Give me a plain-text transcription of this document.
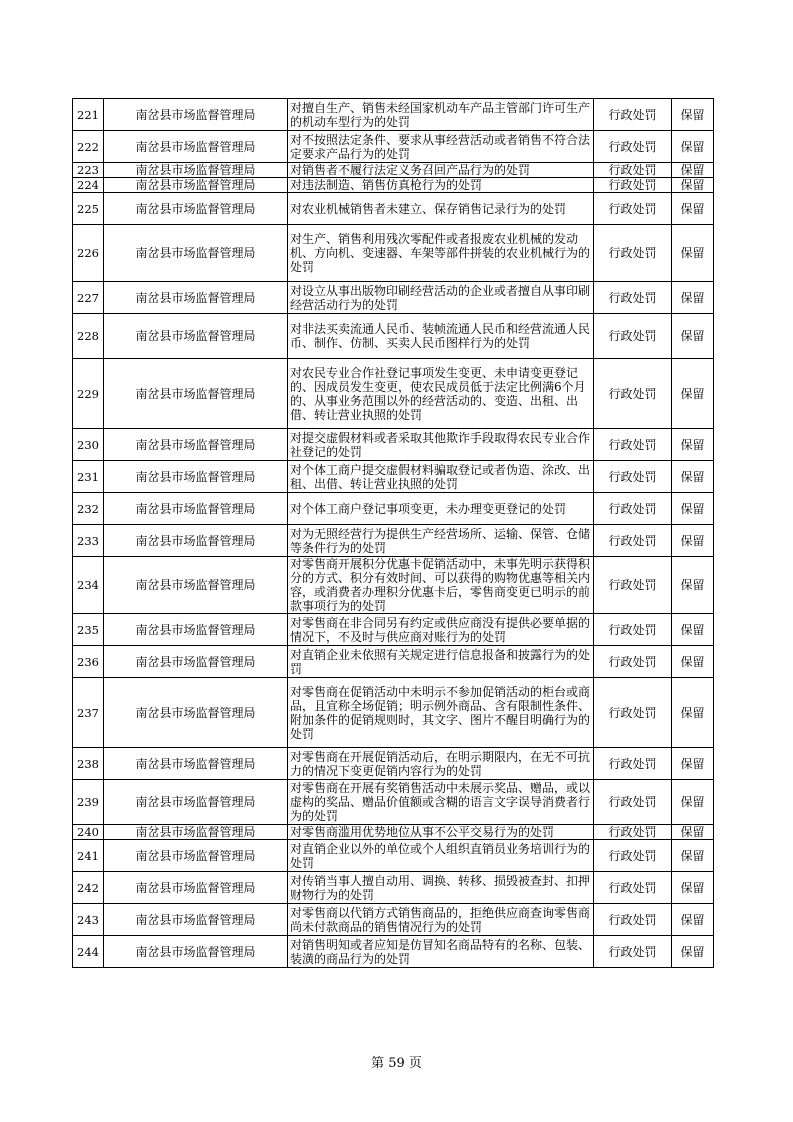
221	南岔县市场监督管理局	对擅自生产、销售未经国家机动车产品主管部门许可生产的机动车型行为的处罚	行政处罚	保留
222	南岔县市场监督管理局	对不按照法定条件、要求从事经营活动或者销售不符合法定要求产品行为的处罚	行政处罚	保留
223	南岔县市场监督管理局	对销售者不履行法定义务召回产品行为的处罚	行政处罚	保留
224	南岔县市场监督管理局	对违法制造、销售仿真枪行为的处罚	行政处罚	保留
225	南岔县市场监督管理局	对农业机械销售者未建立、保存销售记录行为的处罚	行政处罚	保留
226	南岔县市场监督管理局	对生产、销售利用残次零配件或者报废农业机械的发动机、方向机、变速器、车架等部件拼装的农业机械行为的处罚	行政处罚	保留
227	南岔县市场监督管理局	对设立从事出版物印刷经营活动的企业或者擅自从事印刷经营活动行为的处罚	行政处罚	保留
228	南岔县市场监督管理局	对非法买卖流通人民币、装帧流通人民币和经营流通人民币、制作、仿制、买卖人民币图样行为的处罚	行政处罚	保留
229	南岔县市场监督管理局	对农民专业合作社登记事项发生变更、未申请变更登记的、因成员发生变更，使农民成员低于法定比例满6个月的、从事业务范围以外的经营活动的、变造、出租、出借、转让营业执照的处罚	行政处罚	保留
230	南岔县市场监督管理局	对提交虚假材料或者采取其他欺诈手段取得农民专业合作社登记的处罚	行政处罚	保留
231	南岔县市场监督管理局	对个体工商户提交虚假材料骗取登记或者伪造、涂改、出租、出借、转让营业执照的处罚	行政处罚	保留
232	南岔县市场监督管理局	对个体工商户登记事项变更，未办理变更登记的处罚	行政处罚	保留
233	南岔县市场监督管理局	对为无照经营行为提供生产经营场所、运输、保管、仓储等条件行为的处罚	行政处罚	保留
234	南岔县市场监督管理局	对零售商开展积分优惠卡促销活动中，未事先明示获得积分的方式、积分有效时间、可以获得的购物优惠等相关内容，或消费者办理积分优惠卡后，零售商变更已明示的前款事项行为的处罚	行政处罚	保留
235	南岔县市场监督管理局	对零售商在非合同另有约定或供应商没有提供必要单据的情况下，不及时与供应商对账行为的处罚	行政处罚	保留
236	南岔县市场监督管理局	对直销企业未依照有关规定进行信息报备和披露行为的处罚	行政处罚	保留
237	南岔县市场监督管理局	对零售商在促销活动中未明示不参加促销活动的柜台或商品，且宣称全场促销；明示例外商品、含有限制性条件、附加条件的促销规则时，其文字、图片不醒目明确行为的处罚	行政处罚	保留
238	南岔县市场监督管理局	对零售商在开展促销活动后，在明示期限内，在无不可抗力的情况下变更促销内容行为的处罚	行政处罚	保留
239	南岔县市场监督管理局	对零售商在开展有奖销售活动中未展示奖品、赠品，或以虚构的奖品、赠品价值额或含糊的语言文字误导消费者行为的处罚	行政处罚	保留
240	南岔县市场监督管理局	对零售商滥用优势地位从事不公平交易行为的处罚	行政处罚	保留
241	南岔县市场监督管理局	对直销企业以外的单位或个人组织直销员业务培训行为的处罚	行政处罚	保留
242	南岔县市场监督管理局	对传销当事人擅自动用、调换、转移、损毁被查封、扣押财物行为的处罚	行政处罚	保留
243	南岔县市场监督管理局	对零售商以代销方式销售商品的，拒绝供应商查询零售商尚未付款商品的销售情况行为的处罚	行政处罚	保留
244	南岔县市场监督管理局	对销售明知或者应知是仿冒知名商品特有的名称、包装、装潢的商品行为的处罚	行政处罚	保留
第 59 页
